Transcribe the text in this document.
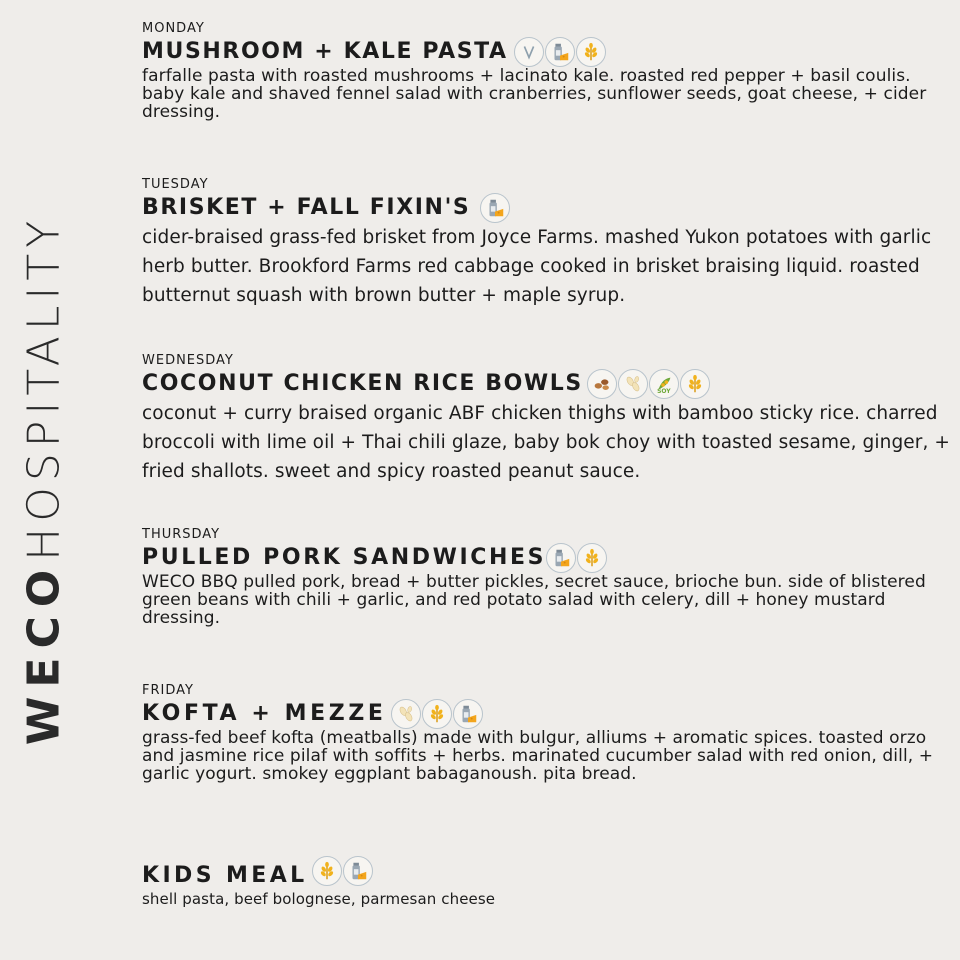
WECOHOSPITALITY
MONDAY
MUSHROOM + KALE PASTA

farfalle pasta with roasted mushrooms + lacinato kale. roasted red pepper + basil coulis. baby kale and shaved fennel salad with cranberries, sunflower seeds, goat cheese, + cider dressing.

TUESDAY
BRISKET + FALL FIXIN'S

cider-braised grass-fed brisket from Joyce Farms. mashed Yukon potatoes with garlic herb butter. Brookford Farms red cabbage cooked in brisket braising liquid. roasted butternut squash with brown butter + maple syrup.

WEDNESDAY
COCONUT CHICKEN RICE BOWLS	SOY

coconut + curry braised organic ABF chicken thighs with bamboo sticky rice. charred broccoli with lime oil + Thai chili glaze, baby bok choy with toasted sesame, ginger, + fried shallots. sweet and spicy roasted peanut sauce.

THURSDAY
PULLED PORK SANDWICHES

WECO BBQ pulled pork, bread + butter pickles, secret sauce, brioche bun. side of blistered green beans with chili + garlic, and red potato salad with celery, dill + honey mustard dressing.

FRIDAY
KOFTA + MEZZE

grass-fed beef kofta (meatballs) made with bulgur, alliums + aromatic spices. toasted orzo and jasmine rice pilaf with soffits + herbs. marinated cucumber salad with red onion, dill, + garlic yogurt. smokey eggplant babaganoush. pita bread.

KIDS MEAL

shell pasta, beef bolognese, parmesan cheese
